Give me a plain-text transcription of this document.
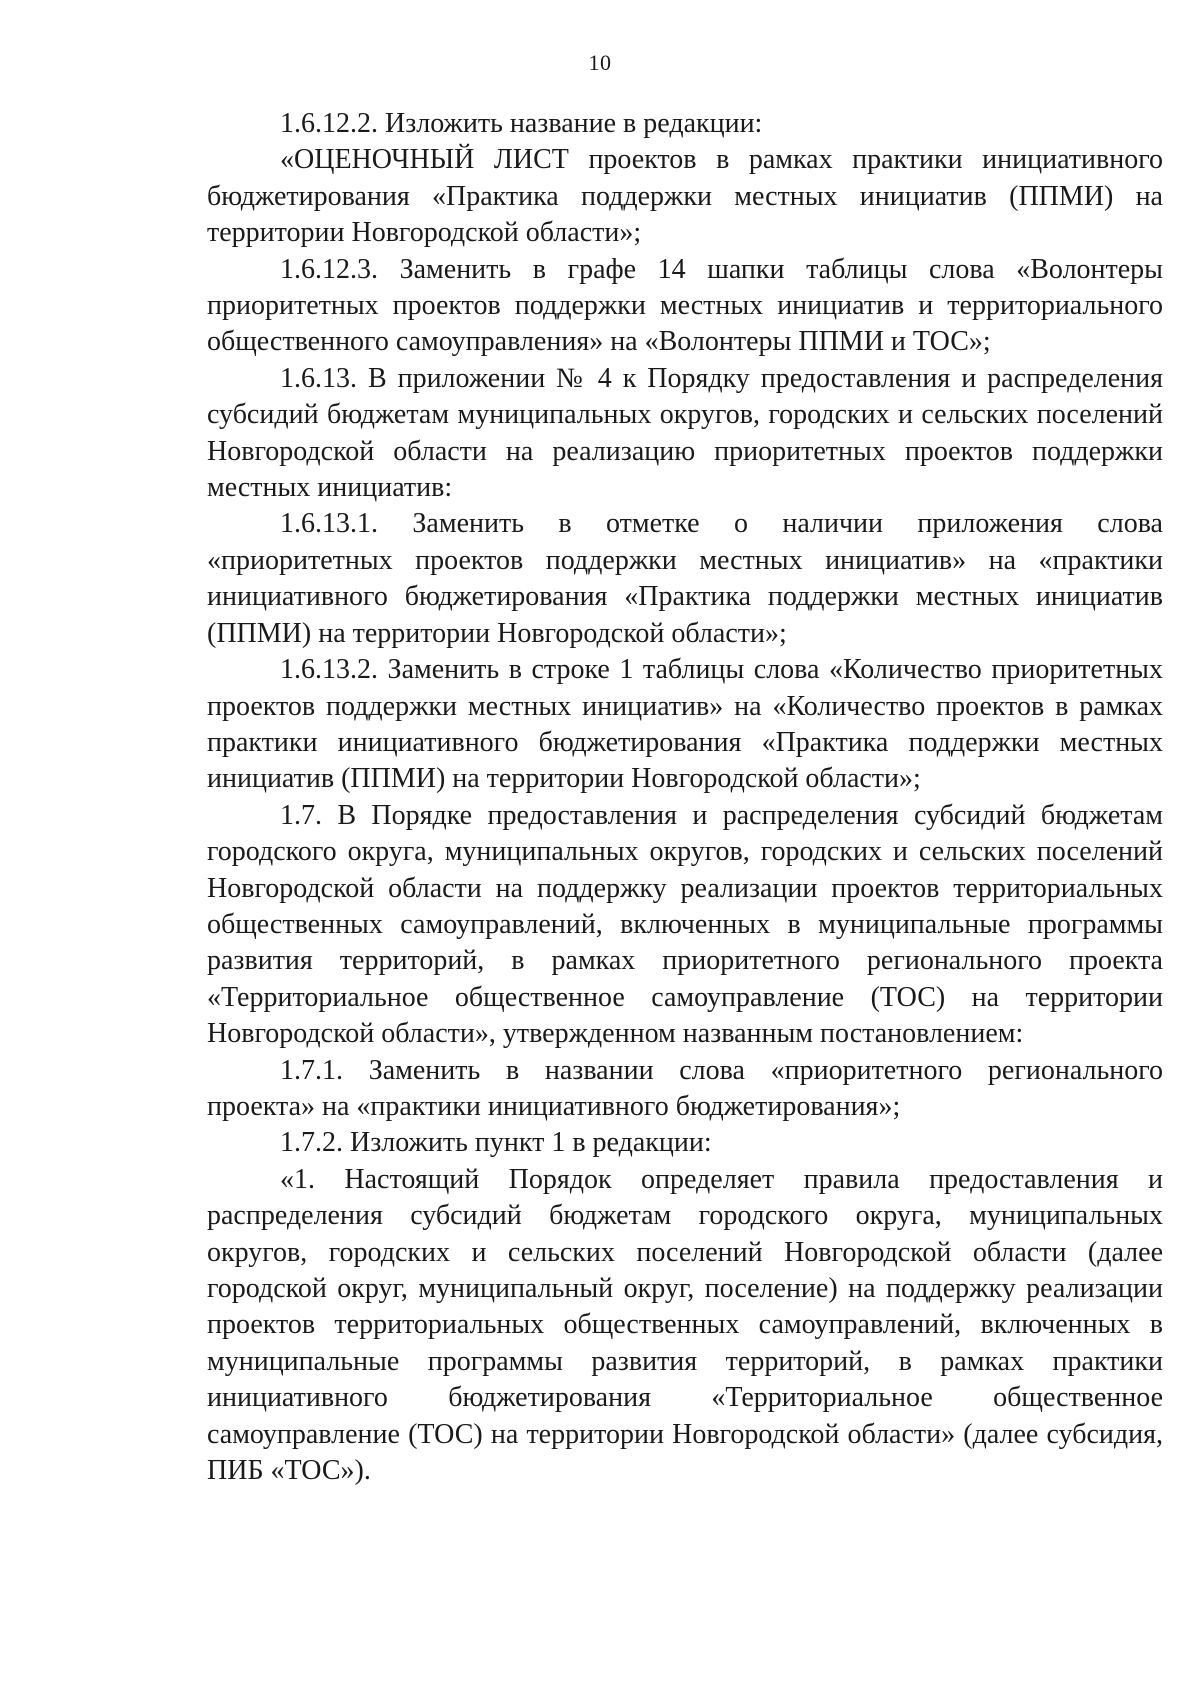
10

1.6.12.2. Изложить название в редакции:

«ОЦЕНОЧНЫЙ ЛИСТ проектов в рамках практики инициативного бюджетирования «Практика поддержки местных инициатив (ППМИ) на территории Новгородской области»;

1.6.12.3. Заменить в графе 14 шапки таблицы слова «Волонтеры приоритетных проектов поддержки местных инициатив и территориального общественного самоуправления» на «Волонтеры ППМИ и ТОС»;

1.6.13. В приложении № 4 к Порядку предоставления и распределения субсидий бюджетам муниципальных округов, городских и сельских поселений Новгородской области на реализацию приоритетных проектов поддержки местных инициатив:

1.6.13.1. Заменить в отметке о наличии приложения слова «приоритетных проектов поддержки местных инициатив» на «практики инициативного бюджетирования «Практика поддержки местных инициатив (ППМИ) на территории Новгородской области»;

1.6.13.2. Заменить в строке 1 таблицы слова «Количество приоритетных проектов поддержки местных инициатив» на «Количество проектов в рамках практики инициативного бюджетирования «Практика поддержки местных инициатив (ППМИ) на территории Новгородской области»;

1.7. В Порядке предоставления и распределения субсидий бюджетам городского округа, муниципальных округов, городских и сельских поселений Новгородской области на поддержку реализации проектов территориальных общественных самоуправлений, включенных в муниципальные программы развития территорий, в рамках приоритетного регионального проекта «Территориальное общественное самоуправление (ТОС) на территории Новгородской области», утвержденном названным постановлением:

1.7.1. Заменить в названии слова «приоритетного регионального проекта» на «практики инициативного бюджетирования»;

1.7.2. Изложить пункт 1 в редакции:

«1. Настоящий Порядок определяет правила предоставления и распределения субсидий бюджетам городского округа, муниципальных округов, городских и сельских поселений Новгородской области (далее городской округ, муниципальный округ, поселение) на поддержку реализации проектов территориальных общественных самоуправлений, включенных в муниципальные программы развития территорий, в рамках практики инициативного бюджетирования «Территориальное общественное самоуправление (ТОС) на территории Новгородской области» (далее субсидия, ПИБ «ТОС»).
